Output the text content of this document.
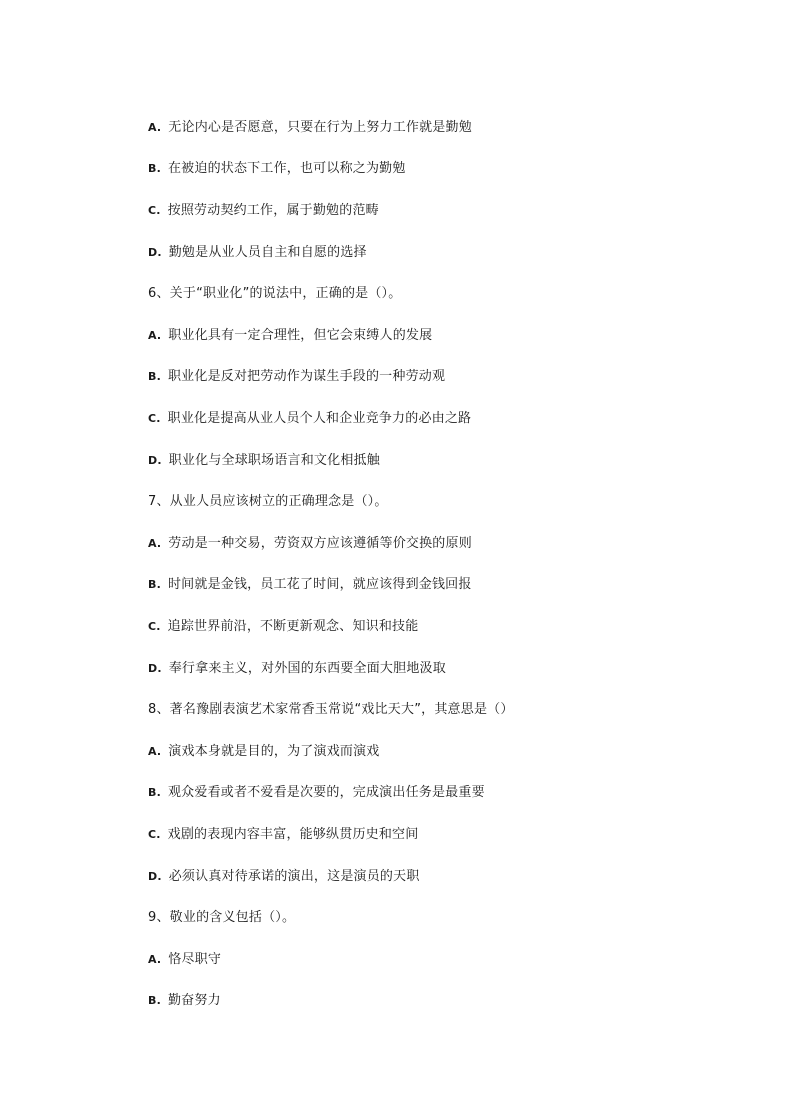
A. 无论内心是否愿意，只要在行为上努力工作就是勤勉
B. 在被迫的状态下工作，也可以称之为勤勉
C. 按照劳动契约工作，属于勤勉的范畴
D. 勤勉是从业人员自主和自愿的选择
6、关于“职业化”的说法中，正确的是（）。
A. 职业化具有一定合理性，但它会束缚人的发展
B. 职业化是反对把劳动作为谋生手段的一种劳动观
C. 职业化是提高从业人员个人和企业竞争力的必由之路
D. 职业化与全球职场语言和文化相抵触
7、从业人员应该树立的正确理念是（）。
A. 劳动是一种交易，劳资双方应该遵循等价交换的原则
B. 时间就是金钱，员工花了时间，就应该得到金钱回报
C. 追踪世界前沿，不断更新观念、知识和技能
D. 奉行拿来主义，对外国的东西要全面大胆地汲取
8、著名豫剧表演艺术家常香玉常说“戏比天大”，其意思是（）
A. 演戏本身就是目的，为了演戏而演戏
B. 观众爱看或者不爱看是次要的，完成演出任务是最重要
C. 戏剧的表现内容丰富，能够纵贯历史和空间
D. 必须认真对待承诺的演出，这是演员的天职
9、敬业的含义包括（）。
A. 恪尽职守
B. 勤奋努力
